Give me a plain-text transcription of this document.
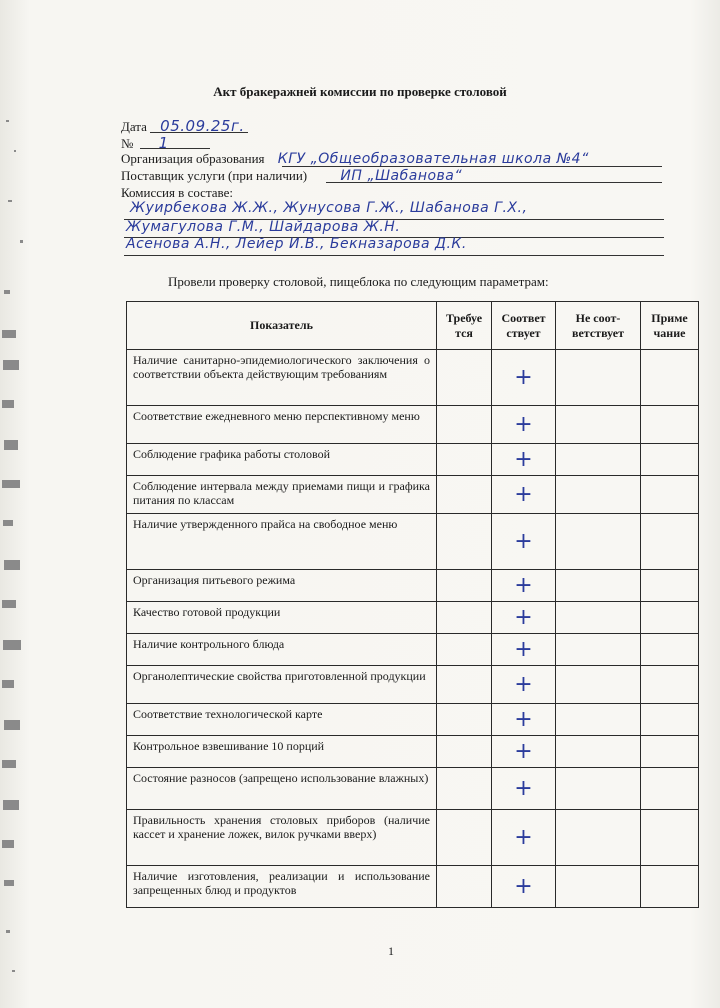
Акт бракеражней комиссии по проверке столовой
Дата 05.09.25г.
№ 1
Организация образования КГУ „Общеобразовательная школа №4“
Поставщик услуги (при наличии) ИП „Шабанова“
Комиссия в составе:
Жуирбекова Ж.Ж., Жунусова Г.Ж., Шабанова Г.Х.,
Жумагулова Г.М., Шайдарова Ж.Н.
Асенова А.Н., Лейер И.В., Бекназарова Д.К.
Провели проверку столовой, пищеблока по следующим параметрам:
Показатель	Требуе тся	Соответ ствует	Не соот- ветствует	Приме чание
Наличие санитарно-эпидемиологического заключения о соответствии объекта действующим требованиям		+		
Соответствие ежедневного меню перспективному меню		+		
Соблюдение графика работы столовой		+		
Соблюдение интервала между приемами пищи и графика питания по классам		+		
Наличие утвержденного прайса на свободное меню		+		
Организация питьевого режима		+		
Качество готовой продукции		+		
Наличие контрольного блюда		+		
Органолептические свойства приготовленной продукции		+		
Соответствие технологической карте		+		
Контрольное взвешивание 10 порций		+		
Состояние разносов (запрещено использование влажных)		+		
Правильность хранения столовых приборов (наличие кассет и хранение ложек, вилок ручками вверх)		+		
Наличие изготовления, реализации и использование запрещенных блюд и продуктов		+		
1
